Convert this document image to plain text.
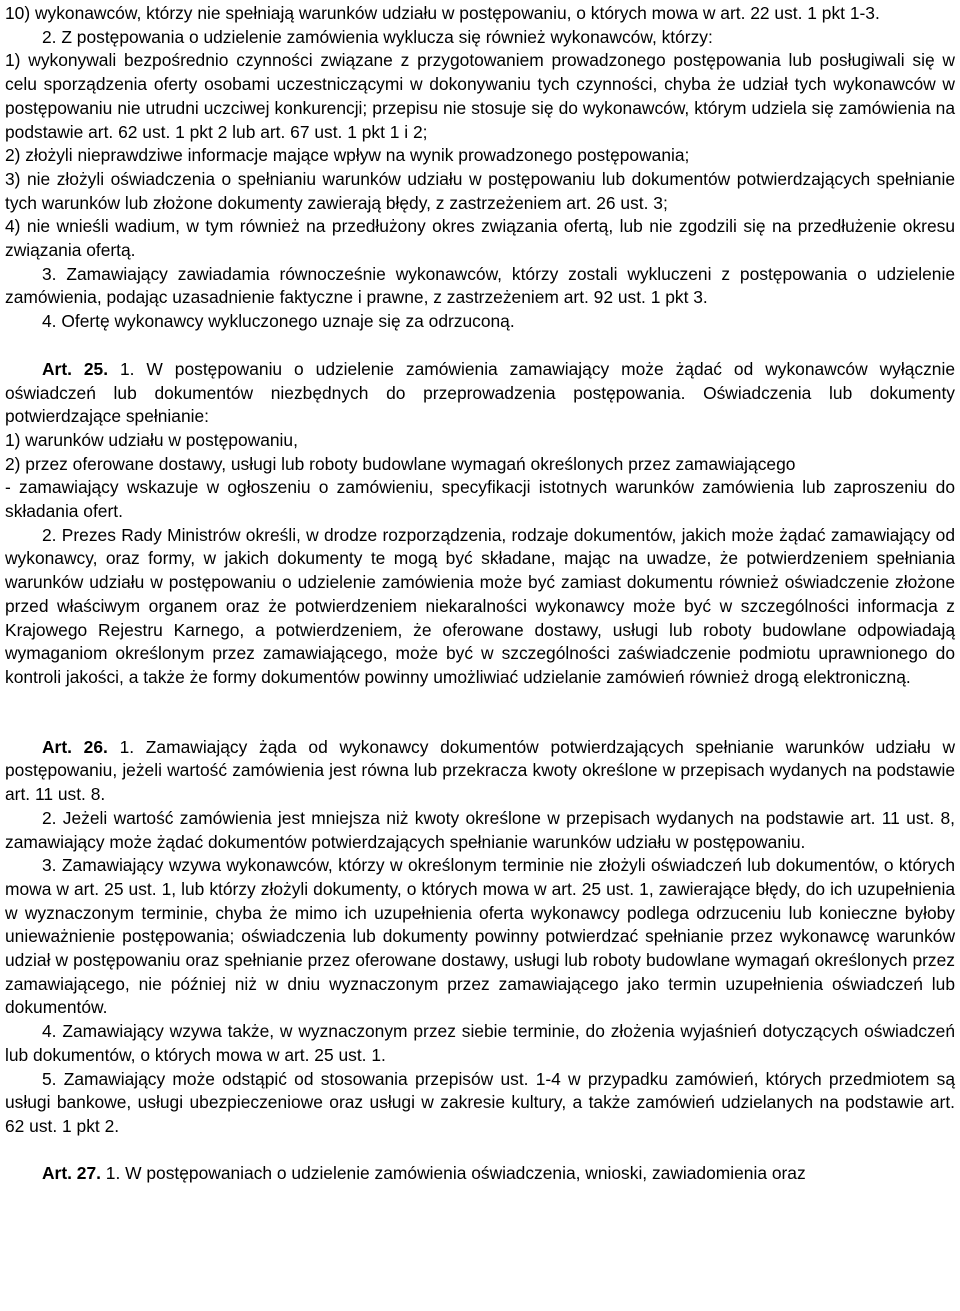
10) wykonawców, którzy nie spełniają warunków udziału w postępowaniu, o których mowa w art. 22 ust. 1 pkt 1-3.

2. Z postępowania o udzielenie zamówienia wyklucza się również wykonawców, którzy:

1) wykonywali bezpośrednio czynności związane z przygotowaniem prowadzonego postępowania lub posługiwali się w celu sporządzenia oferty osobami uczestniczącymi w dokonywaniu tych czynności, chyba że udział tych wykonawców w postępowaniu nie utrudni uczciwej konkurencji; przepisu nie stosuje się do wykonawców, którym udziela się zamówienia na podstawie art. 62 ust. 1 pkt 2 lub art. 67 ust. 1 pkt 1 i 2;

2) złożyli nieprawdziwe informacje mające wpływ na wynik prowadzonego postępowania;

3) nie złożyli oświadczenia o spełnianiu warunków udziału w postępowaniu lub dokumentów potwierdzających spełnianie tych warunków lub złożone dokumenty zawierają błędy, z zastrzeżeniem art. 26 ust. 3;

4) nie wnieśli wadium, w tym również na przedłużony okres związania ofertą, lub nie zgodzili się na przedłużenie okresu związania ofertą.

3. Zamawiający zawiadamia równocześnie wykonawców, którzy zostali wykluczeni z postępowania o udzielenie zamówienia, podając uzasadnienie faktyczne i prawne, z zastrzeżeniem art. 92 ust. 1 pkt 3.

4. Ofertę wykonawcy wykluczonego uznaje się za odrzuconą.

Art. 25. 1. W postępowaniu o udzielenie zamówienia zamawiający może żądać od wykonawców wyłącznie oświadczeń lub dokumentów niezbędnych do przeprowadzenia postępowania. Oświadczenia lub dokumenty potwierdzające spełnianie:

1) warunków udziału w postępowaniu,

2) przez oferowane dostawy, usługi lub roboty budowlane wymagań określonych przez zamawiającego

- zamawiający wskazuje w ogłoszeniu o zamówieniu, specyfikacji istotnych warunków zamówienia lub zaproszeniu do składania ofert.

2. Prezes Rady Ministrów określi, w drodze rozporządzenia, rodzaje dokumentów, jakich może żądać zamawiający od wykonawcy, oraz formy, w jakich dokumenty te mogą być składane, mając na uwadze, że potwierdzeniem spełniania warunków udziału w postępowaniu o udzielenie zamówienia może być zamiast dokumentu również oświadczenie złożone przed właściwym organem oraz że potwierdzeniem niekaralności wykonawcy może być w szczególności informacja z Krajowego Rejestru Karnego, a potwierdzeniem, że oferowane dostawy, usługi lub roboty budowlane odpowiadają wymaganiom określonym przez zamawiającego, może być w szczególności zaświadczenie podmiotu uprawnionego do kontroli jakości, a także że formy dokumentów powinny umożliwiać udzielanie zamówień również drogą elektroniczną.

Art. 26. 1. Zamawiający żąda od wykonawcy dokumentów potwierdzających spełnianie warunków udziału w postępowaniu, jeżeli wartość zamówienia jest równa lub przekracza kwoty określone w przepisach wydanych na podstawie art. 11 ust. 8.

2. Jeżeli wartość zamówienia jest mniejsza niż kwoty określone w przepisach wydanych na podstawie art. 11 ust. 8, zamawiający może żądać dokumentów potwierdzających spełnianie warunków udziału w postępowaniu.

3. Zamawiający wzywa wykonawców, którzy w określonym terminie nie złożyli oświadczeń lub dokumentów, o których mowa w art. 25 ust. 1, lub którzy złożyli dokumenty, o których mowa w art. 25 ust. 1, zawierające błędy, do ich uzupełnienia w wyznaczonym terminie, chyba że mimo ich uzupełnienia oferta wykonawcy podlega odrzuceniu lub konieczne byłoby unieważnienie postępowania; oświadczenia lub dokumenty powinny potwierdzać spełnianie przez wykonawcę warunków udział w postępowaniu oraz spełnianie przez oferowane dostawy, usługi lub roboty budowlane wymagań określonych przez zamawiającego, nie później niż w dniu wyznaczonym przez zamawiającego jako termin uzupełnienia oświadczeń lub dokumentów.

4. Zamawiający wzywa także, w wyznaczonym przez siebie terminie, do złożenia wyjaśnień dotyczących oświadczeń lub dokumentów, o których mowa w art. 25 ust. 1.

5. Zamawiający może odstąpić od stosowania przepisów ust. 1-4 w przypadku zamówień, których przedmiotem są usługi bankowe, usługi ubezpieczeniowe oraz usługi w zakresie kultury, a także zamówień udzielanych na podstawie art. 62 ust. 1 pkt 2.

Art. 27. 1. W postępowaniach o udzielenie zamówienia oświadczenia, wnioski, zawiadomienia oraz
